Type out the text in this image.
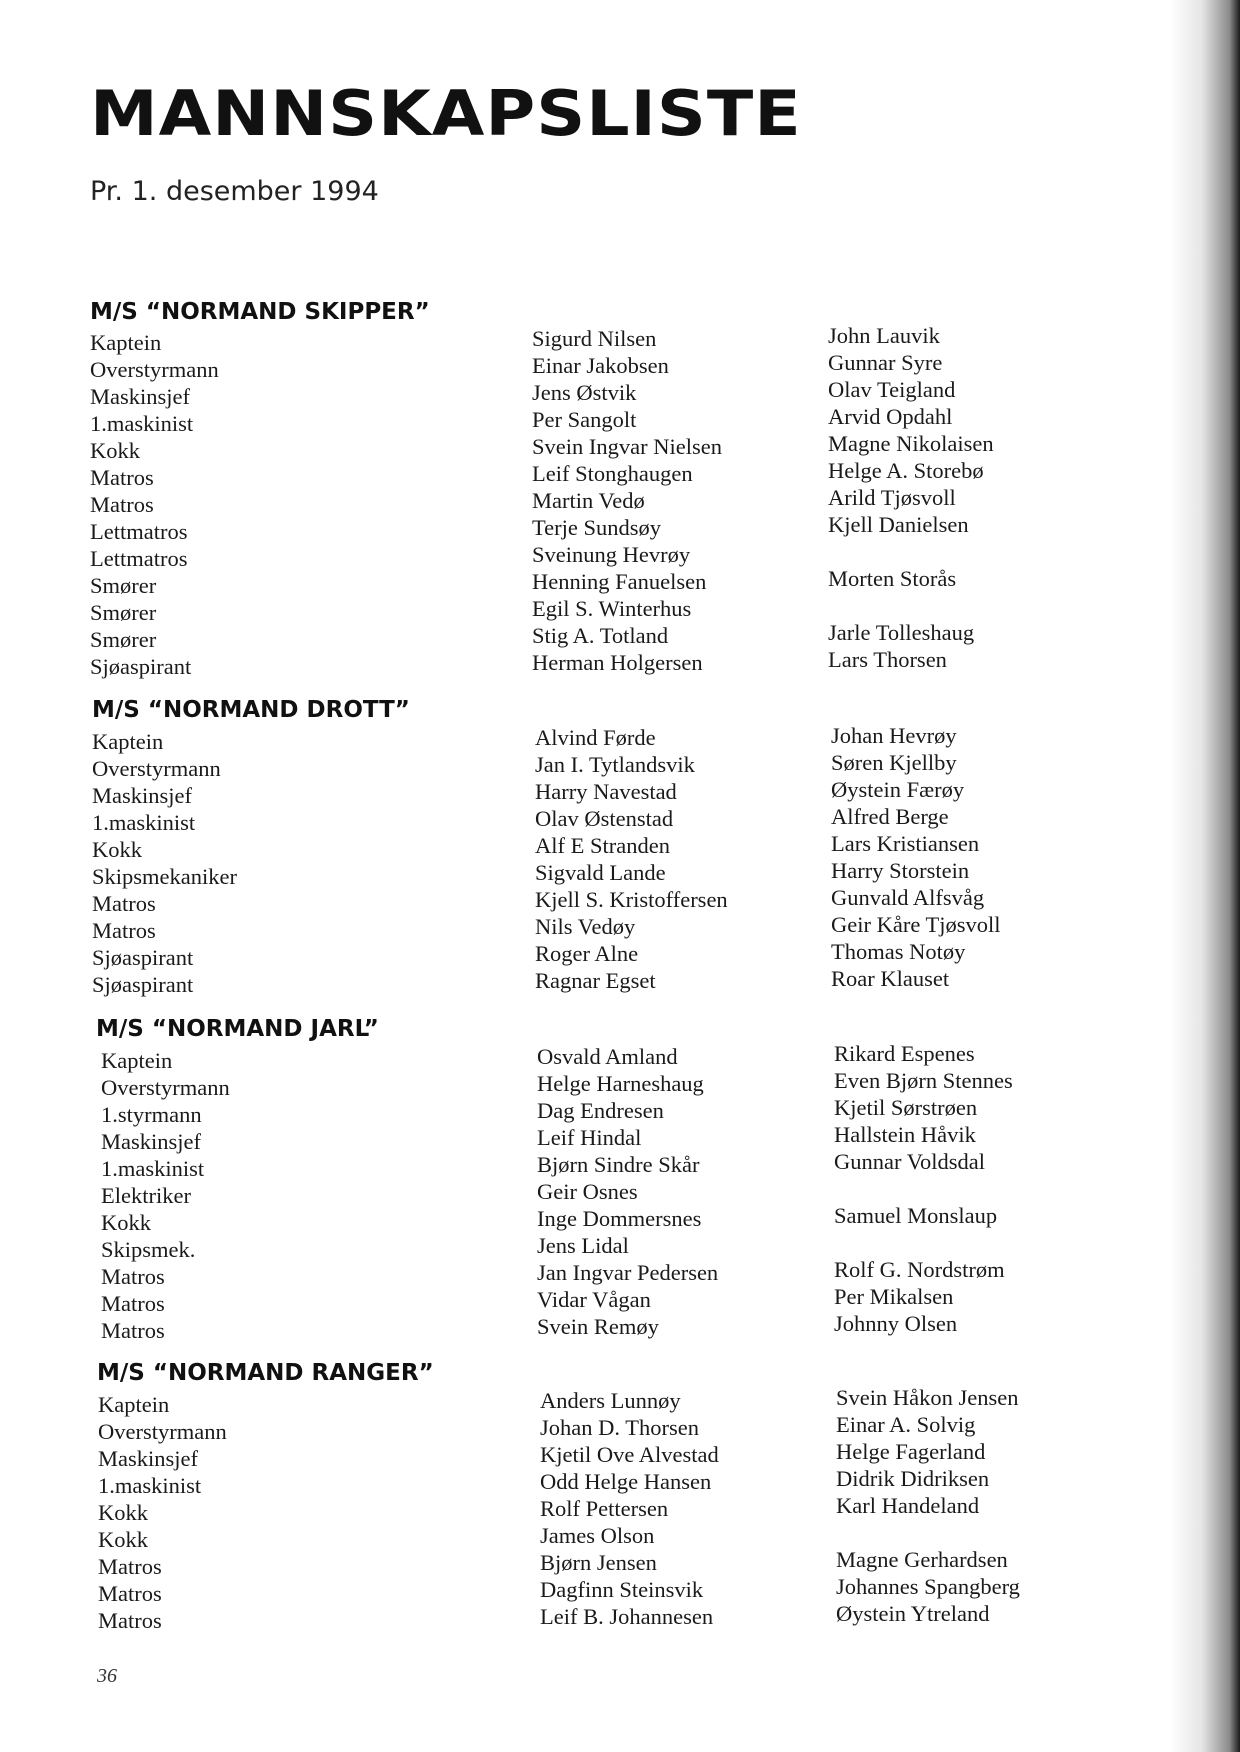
MANNSKAPSLISTE
Pr. 1. desember 1994
M/S “NORMAND SKIPPER”
Kaptein
Overstyrmann
Maskinsjef
1.maskinist
Kokk
Matros
Matros
Lettmatros
Lettmatros
Smører
Smører
Smører
Sjøaspirant
Sigurd Nilsen
Einar Jakobsen
Jens Østvik
Per Sangolt
Svein Ingvar Nielsen
Leif Stonghaugen
Martin Vedø
Terje Sundsøy
Sveinung Hevrøy
Henning Fanuelsen
Egil S. Winterhus
Stig A. Totland
Herman Holgersen
John Lauvik
Gunnar Syre
Olav Teigland
Arvid Opdahl
Magne Nikolaisen
Helge A. Storebø
Arild Tjøsvoll
Kjell Danielsen
Morten Storås
Jarle Tolleshaug
Lars Thorsen
M/S “NORMAND DROTT”
Kaptein
Overstyrmann
Maskinsjef
1.maskinist
Kokk
Skipsmekaniker
Matros
Matros
Sjøaspirant
Sjøaspirant
Alvind Førde
Jan I. Tytlandsvik
Harry Navestad
Olav Østenstad
Alf E Stranden
Sigvald Lande
Kjell S. Kristoffersen
Nils Vedøy
Roger Alne
Ragnar Egset
Johan Hevrøy
Søren Kjellby
Øystein Færøy
Alfred Berge
Lars Kristiansen
Harry Storstein
Gunvald Alfsvåg
Geir Kåre Tjøsvoll
Thomas Notøy
Roar Klauset
M/S “NORMAND JARL”
Kaptein
Overstyrmann
1.styrmann
Maskinsjef
1.maskinist
Elektriker
Kokk
Skipsmek.
Matros
Matros
Matros
Osvald Amland
Helge Harneshaug
Dag Endresen
Leif Hindal
Bjørn Sindre Skår
Geir Osnes
Inge Dommersnes
Jens Lidal
Jan Ingvar Pedersen
Vidar Vågan
Svein Remøy
Rikard Espenes
Even Bjørn Stennes
Kjetil Sørstrøen
Hallstein Håvik
Gunnar Voldsdal
Samuel Monslaup
Rolf G. Nordstrøm
Per Mikalsen
Johnny Olsen
M/S “NORMAND RANGER”
Kaptein
Overstyrmann
Maskinsjef
1.maskinist
Kokk
Kokk
Matros
Matros
Matros
Anders Lunnøy
Johan D. Thorsen
Kjetil Ove Alvestad
Odd Helge Hansen
Rolf Pettersen
James Olson
Bjørn Jensen
Dagfinn Steinsvik
Leif B. Johannesen
Svein Håkon Jensen
Einar A. Solvig
Helge Fagerland
Didrik Didriksen
Karl Handeland
Magne Gerhardsen
Johannes Spangberg
Øystein Ytreland
36
